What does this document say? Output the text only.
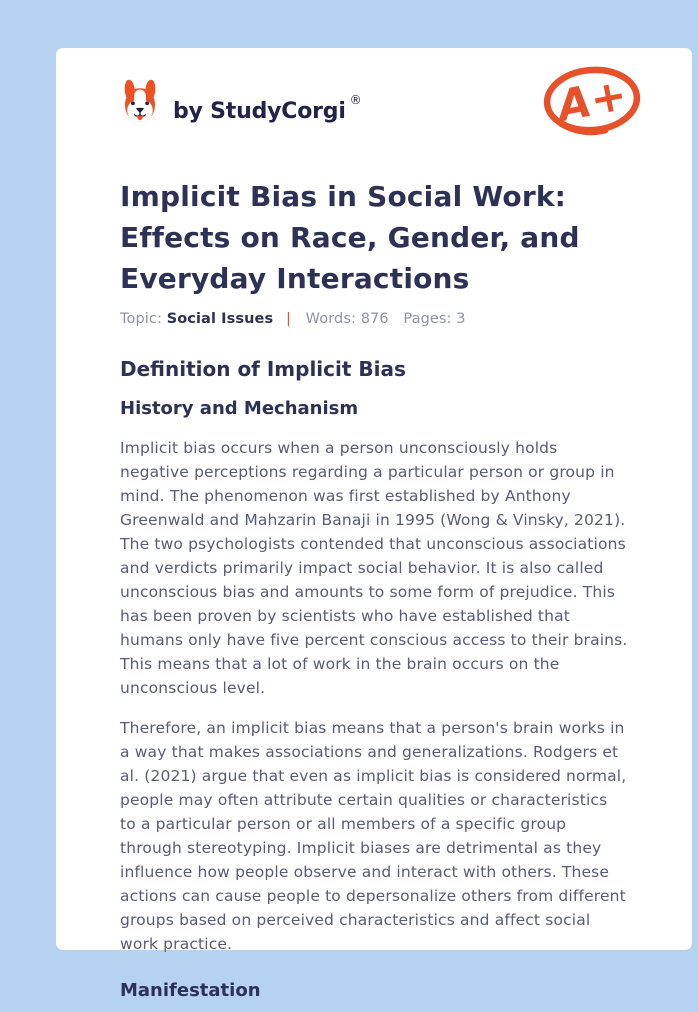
by StudyCorgi ®	A+
Implicit Bias in Social Work:
Effects on Race, Gender, and
Everyday Interactions
Topic: Social Issues | Words: 876 Pages: 3
Definition of Implicit Bias
History and Mechanism

Implicit bias occurs when a person unconsciously holds negative perceptions regarding a particular person or group in mind. The phenomenon was first established by Anthony Greenwald and Mahzarin Banaji in 1995 (Wong & Vinsky, 2021). The two psychologists contended that unconscious associations and verdicts primarily impact social behavior. It is also called unconscious bias and amounts to some form of prejudice. This has been proven by scientists who have established that humans only have five percent conscious access to their brains. This means that a lot of work in the brain occurs on the unconscious level.

Therefore, an implicit bias means that a person's brain works in a way that makes associations and generalizations. Rodgers et al. (2021) argue that even as implicit bias is considered normal, people may often attribute certain qualities or characteristics to a particular person or all members of a specific group through stereotyping. Implicit biases are detrimental as they influence how people observe and interact with others. These actions can cause people to depersonalize others from different groups based on perceived characteristics and affect social work practice.

Manifestation
